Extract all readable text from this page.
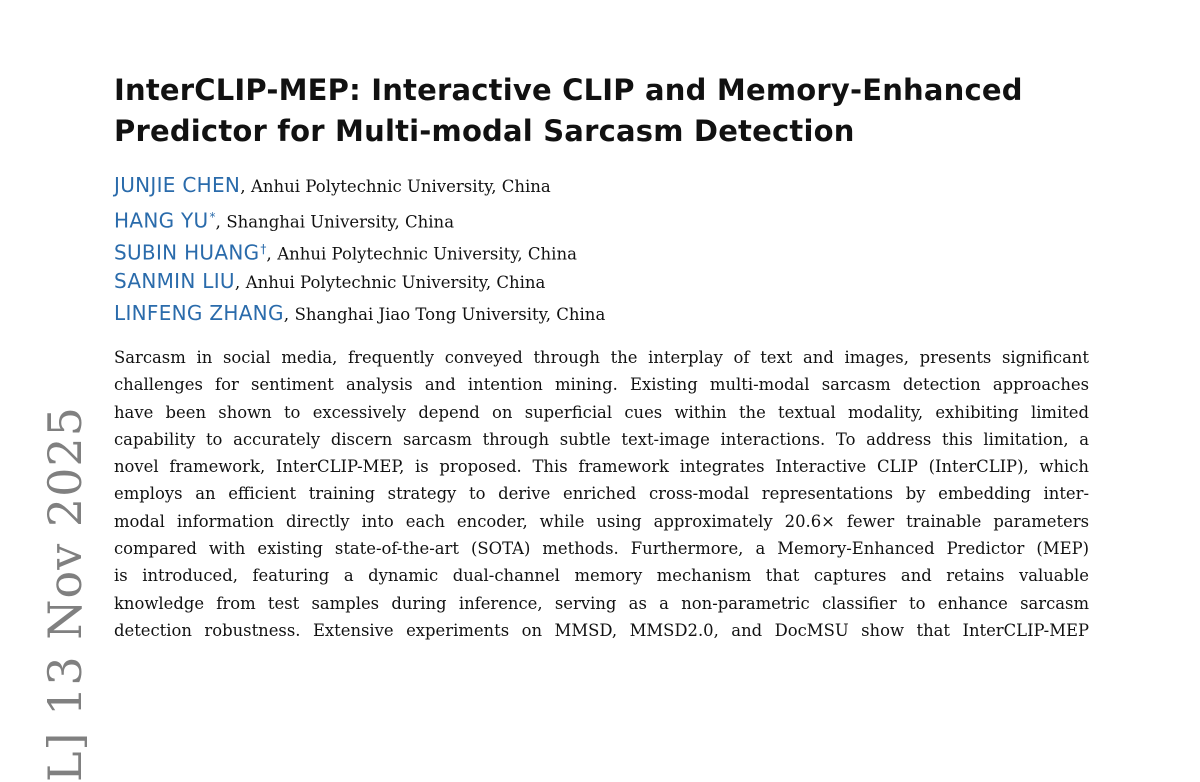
L] 13 Nov 2025
InterCLIP-MEP: Interactive CLIP and Memory-Enhanced
Predictor for Multi-modal Sarcasm Detection
JUNJIE CHEN, Anhui Polytechnic University, China
HANG YU*, Shanghai University, China
SUBIN HUANG†, Anhui Polytechnic University, China
SANMIN LIU, Anhui Polytechnic University, China
LINFENG ZHANG, Shanghai Jiao Tong University, China
Sarcasm in social media, frequently conveyed through the interplay of text and images, presents significant
challenges for sentiment analysis and intention mining. Existing multi-modal sarcasm detection approaches
have been shown to excessively depend on superficial cues within the textual modality, exhibiting limited
capability to accurately discern sarcasm through subtle text-image interactions. To address this limitation, a
novel framework, InterCLIP-MEP, is proposed. This framework integrates Interactive CLIP (InterCLIP), which
employs an efficient training strategy to derive enriched cross-modal representations by embedding inter-
modal information directly into each encoder, while using approximately 20.6× fewer trainable parameters
compared with existing state-of-the-art (SOTA) methods. Furthermore, a Memory-Enhanced Predictor (MEP)
is introduced, featuring a dynamic dual-channel memory mechanism that captures and retains valuable
knowledge from test samples during inference, serving as a non-parametric classifier to enhance sarcasm
detection robustness. Extensive experiments on MMSD, MMSD2.0, and DocMSU show that InterCLIP-MEP
